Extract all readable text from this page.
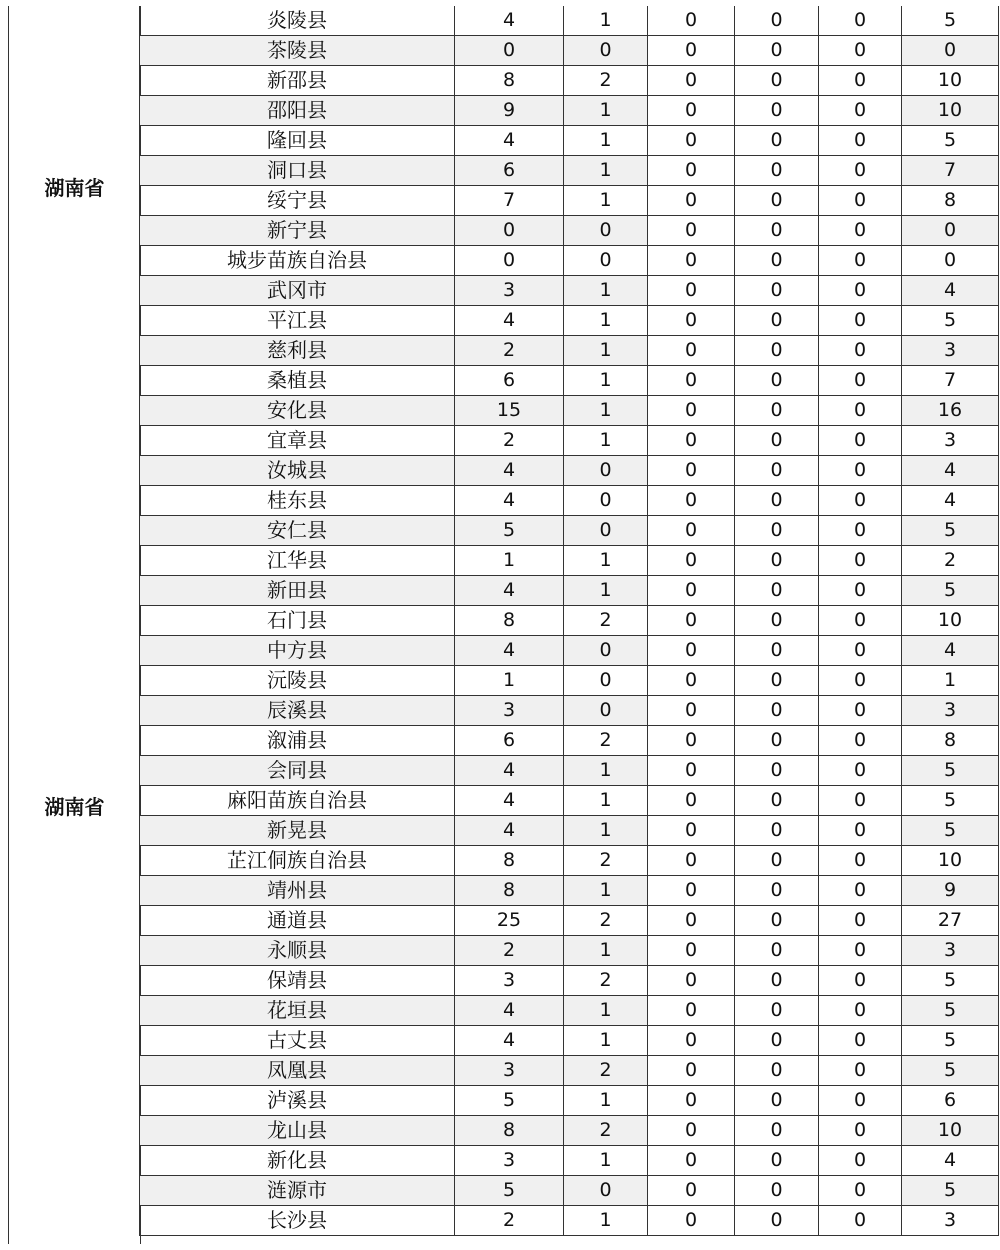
湖南省
湖南省
炎陵县	4	1	0	0	0	5
茶陵县	0	0	0	0	0	0
新邵县	8	2	0	0	0	10
邵阳县	9	1	0	0	0	10
隆回县	4	1	0	0	0	5
洞口县	6	1	0	0	0	7
绥宁县	7	1	0	0	0	8
新宁县	0	0	0	0	0	0
城步苗族自治县	0	0	0	0	0	0
武冈市	3	1	0	0	0	4
平江县	4	1	0	0	0	5
慈利县	2	1	0	0	0	3
桑植县	6	1	0	0	0	7
安化县	15	1	0	0	0	16
宜章县	2	1	0	0	0	3
汝城县	4	0	0	0	0	4
桂东县	4	0	0	0	0	4
安仁县	5	0	0	0	0	5
江华县	1	1	0	0	0	2
新田县	4	1	0	0	0	5
石门县	8	2	0	0	0	10
中方县	4	0	0	0	0	4
沅陵县	1	0	0	0	0	1
辰溪县	3	0	0	0	0	3
溆浦县	6	2	0	0	0	8
会同县	4	1	0	0	0	5
麻阳苗族自治县	4	1	0	0	0	5
新晃县	4	1	0	0	0	5
芷江侗族自治县	8	2	0	0	0	10
靖州县	8	1	0	0	0	9
通道县	25	2	0	0	0	27
永顺县	2	1	0	0	0	3
保靖县	3	2	0	0	0	5
花垣县	4	1	0	0	0	5
古丈县	4	1	0	0	0	5
凤凰县	3	2	0	0	0	5
泸溪县	5	1	0	0	0	6
龙山县	8	2	0	0	0	10
新化县	3	1	0	0	0	4
涟源市	5	0	0	0	0	5
长沙县	2	1	0	0	0	3
